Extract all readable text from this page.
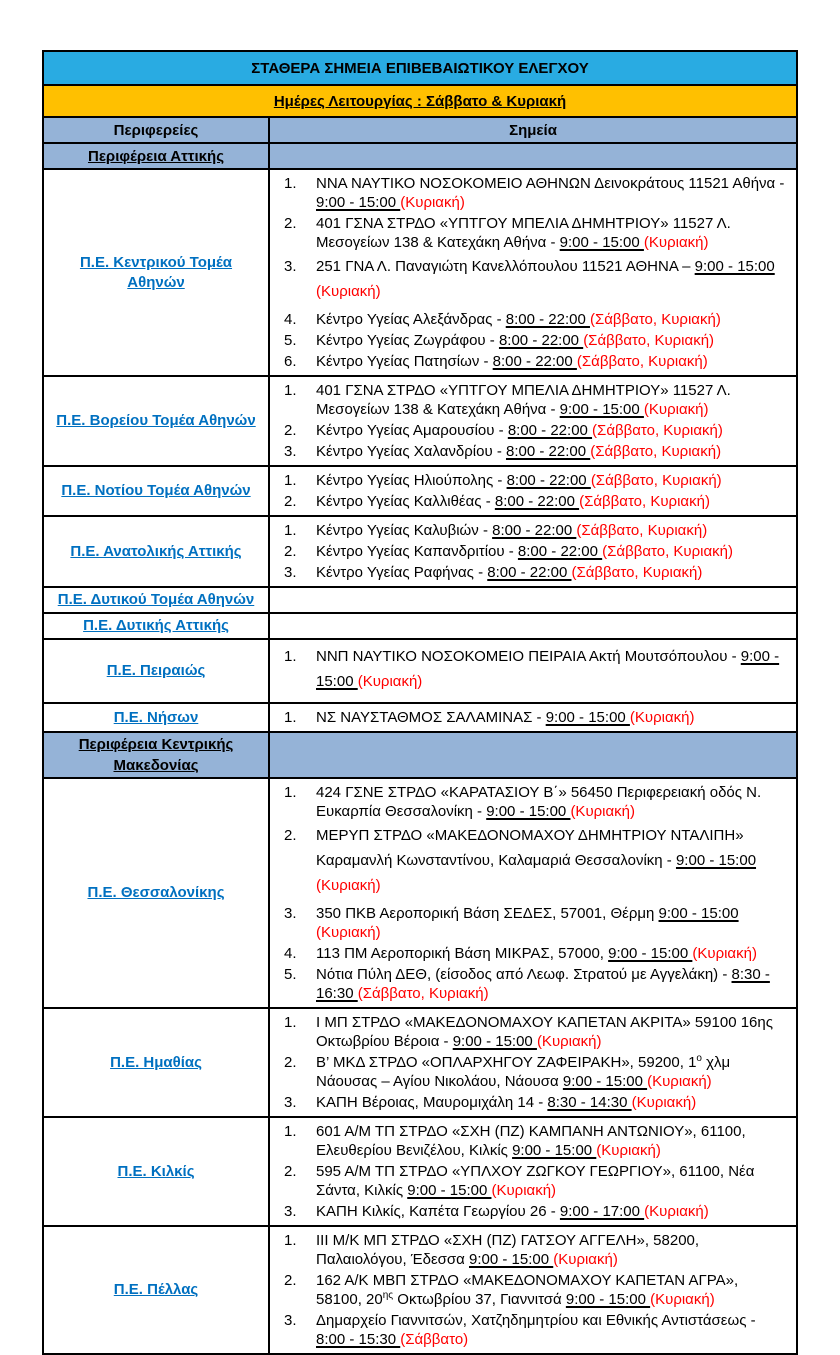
ΣΤΑΘΕΡΑ ΣΗΜΕΙΑ ΕΠΙΒΕΒΑΙΩΤΙΚΟΥ ΕΛΕΓΧΟΥ
Ημέρες Λειτουργίας : Σάββατο & Κυριακή
Περιφερείες	Σημεία
Περιφέρεια Αττικής
Π.Ε. Κεντρικού Τομέα Αθηνών
ΝΝΑ ΝΑΥΤΙΚΟ ΝΟΣΟΚΟΜΕΙΟ ΑΘΗΝΩΝ Δεινοκράτους 11521 Αθήνα - 9:00 - 15:00 (Κυριακή)
401 ΓΣΝΑ ΣΤΡΔΟ «ΥΠΤΓΟΥ ΜΠΕΛΙΑ ΔΗΜΗΤΡΙΟΥ» 11527 Λ. Μεσογείων 138 & Κατεχάκη Αθήνα - 9:00 - 15:00 (Κυριακή)
251 ΓΝΑ Λ. Παναγιώτη Κανελλόπουλου 11521 ΑΘΗΝΑ – 9:00 - 15:00 (Κυριακή)
Κέντρο Υγείας Αλεξάνδρας - 8:00 - 22:00 (Σάββατο, Κυριακή)
Κέντρο Υγείας Ζωγράφου - 8:00 - 22:00 (Σάββατο, Κυριακή)
Κέντρο Υγείας Πατησίων - 8:00 - 22:00 (Σάββατο, Κυριακή)
Π.Ε. Βορείου Τομέα Αθηνών
401 ΓΣΝΑ ΣΤΡΔΟ «ΥΠΤΓΟΥ ΜΠΕΛΙΑ ΔΗΜΗΤΡΙΟΥ» 11527 Λ. Μεσογείων 138 & Κατεχάκη Αθήνα - 9:00 - 15:00 (Κυριακή)
Κέντρο Υγείας Αμαρουσίου - 8:00 - 22:00 (Σάββατο, Κυριακή)
Κέντρο Υγείας Χαλανδρίου - 8:00 - 22:00 (Σάββατο, Κυριακή)
Π.Ε. Νοτίου Τομέα Αθηνών
Κέντρο Υγείας Ηλιούπολης - 8:00 - 22:00 (Σάββατο, Κυριακή)
Κέντρο Υγείας Καλλιθέας - 8:00 - 22:00 (Σάββατο, Κυριακή)
Π.Ε. Ανατολικής Αττικής
Κέντρο Υγείας Καλυβιών - 8:00 - 22:00 (Σάββατο, Κυριακή)
Κέντρο Υγείας Καπανδριτίου - 8:00 - 22:00 (Σάββατο, Κυριακή)
Κέντρο Υγείας Ραφήνας - 8:00 - 22:00 (Σάββατο, Κυριακή)
Π.Ε. Δυτικού Τομέα Αθηνών
Π.Ε. Δυτικής Αττικής
Π.Ε. Πειραιώς
ΝΝΠ ΝΑΥΤΙΚΟ ΝΟΣΟΚΟΜΕΙΟ ΠΕΙΡΑΙΑ Ακτή Μουτσόπουλου - 9:00 - 15:00 (Κυριακή)
Π.Ε. Νήσων	ΝΣ ΝΑΥΣΤΑΘΜΟΣ ΣΑΛΑΜΙΝΑΣ - 9:00 - 15:00 (Κυριακή)
Περιφέρεια Κεντρικής Μακεδονίας
Π.Ε. Θεσσαλονίκης
424 ΓΣΝΕ ΣΤΡΔΟ «ΚΑΡΑΤΑΣΙΟΥ Β΄» 56450 Περιφερειακή οδός Ν. Ευκαρπία Θεσσαλονίκη - 9:00 - 15:00 (Κυριακή)
ΜΕΡΥΠ ΣΤΡΔΟ «ΜΑΚΕΔΟΝΟΜΑΧΟΥ ΔΗΜΗΤΡΙΟΥ ΝΤΑΛΙΠΗ» Καραμανλή Κωνσταντίνου, Καλαμαριά Θεσσαλονίκη - 9:00 - 15:00 (Κυριακή)
350 ΠΚΒ Αεροπορική Βάση ΣΕΔΕΣ, 57001, Θέρμη 9:00 - 15:00 (Κυριακή)
113 ΠΜ Αεροπορική Βάση ΜΙΚΡΑΣ, 57000, 9:00 - 15:00 (Κυριακή)
Νότια Πύλη ΔΕΘ, (είσοδος από Λεωφ. Στρατού με Αγγελάκη) - 8:30 - 16:30 (Σάββατο, Κυριακή)
Π.Ε. Ημαθίας
Ι ΜΠ ΣΤΡΔΟ «ΜΑΚΕΔΟΝΟΜΑΧΟΥ ΚΑΠΕΤΑΝ ΑΚΡΙΤΑ» 59100 16ης Οκτωβρίου Βέροια - 9:00 - 15:00 (Κυριακή)
Β’ ΜΚΔ ΣΤΡΔΟ «ΟΠΛΑΡΧΗΓΟΥ ΖΑΦΕΙΡΑΚΗ», 59200, $1^o$ χλμ Νάουσας – Αγίου Νικολάου, Νάουσα 9:00 - 15:00 (Κυριακή)
ΚΑΠΗ Βέροιας, Μαυρομιχάλη 14 - 8:30 - 14:30 (Κυριακή)
Π.Ε. Κιλκίς
601 Α/Μ ΤΠ ΣΤΡΔΟ «ΣΧΗ (ΠΖ) ΚΑΜΠΑΝΗ ΑΝΤΩΝΙΟΥ», 61100, Ελευθερίου Βενιζέλου, Κιλκίς 9:00 - 15:00 (Κυριακή)
595 Α/Μ ΤΠ ΣΤΡΔΟ «ΥΠΛΧΟΥ ΖΩΓΚΟΥ ΓΕΩΡΓΙΟΥ», 61100, Νέα Σάντα, Κιλκίς 9:00 - 15:00 (Κυριακή)
ΚΑΠΗ Κιλκίς, Καπέτα Γεωργίου 26 - 9:00 - 17:00 (Κυριακή)
Π.Ε. Πέλλας
ΙΙΙ Μ/Κ ΜΠ ΣΤΡΔΟ «ΣΧΗ (ΠΖ) ΓΑΤΣΟΥ ΑΓΓΕΛΗ», 58200, Παλαιολόγου, Έδεσσα 9:00 - 15:00 (Κυριακή)
162 Α/Κ ΜΒΠ ΣΤΡΔΟ «ΜΑΚΕΔΟΝΟΜΑΧΟΥ ΚΑΠΕΤΑΝ ΑΓΡΑ», 58100, $20^{\eta\varsigma}$ Οκτωβρίου 37, Γιαννιτσά 9:00 - 15:00 (Κυριακή)
Δημαρχείο Γιαννιτσών, Χατζηδημητρίου και Εθνικής Αντιστάσεως - 8:00 - 15:30 (Σάββατο)
